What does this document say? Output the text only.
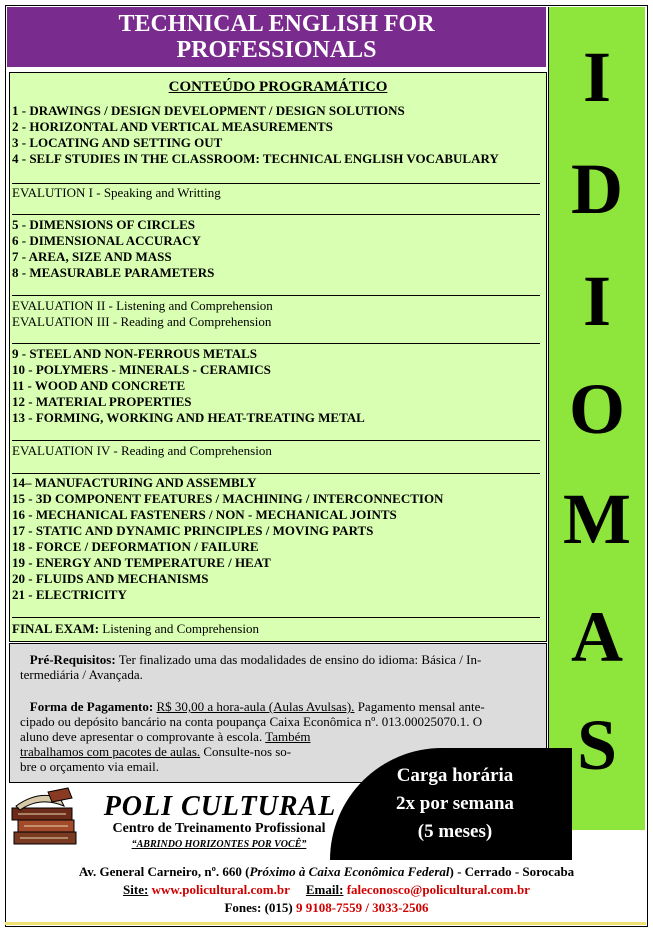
TECHNICAL ENGLISH FOR
PROFESSIONALS	I
D
I
O
M
A
S
CONTEÚDO PROGRAMÁTICO
1 - DRAWINGS / DESIGN DEVELOPMENT / DESIGN SOLUTIONS
2 - HORIZONTAL AND VERTICAL MEASUREMENTS
3 - LOCATING AND SETTING OUT
4 - SELF STUDIES IN THE CLASSROOM: TECHNICAL ENGLISH VOCABULARY
EVALUTION I - Speaking and Writting
5 - DIMENSIONS OF CIRCLES
6 - DIMENSIONAL ACCURACY
7 - AREA, SIZE AND MASS
8 - MEASURABLE PARAMETERS
EVALUATION II - Listening and Comprehension
EVALUATION III - Reading and Comprehension
9 - STEEL AND NON-FERROUS METALS
10 - POLYMERS - MINERALS - CERAMICS
11 - WOOD AND CONCRETE
12 - MATERIAL PROPERTIES
13 - FORMING, WORKING AND HEAT-TREATING METAL
EVALUATION IV - Reading and Comprehension
14– MANUFACTURING AND ASSEMBLY
15 - 3D COMPONENT FEATURES / MACHINING / INTERCONNECTION
16 - MECHANICAL FASTENERS / NON - MECHANICAL JOINTS
17 - STATIC AND DYNAMIC PRINCIPLES / MOVING PARTS
18 - FORCE / DEFORMATION / FAILURE
19 - ENERGY AND TEMPERATURE / HEAT
20 - FLUIDS AND MECHANISMS
21 - ELECTRICITY
FINAL EXAM: Listening and Comprehension
Pré-Requisitos: Ter finalizado uma das modalidades de ensino do idioma: Básica / In-
termediária / Avançada.
Forma de Pagamento: R$ 30,00 a hora-aula (Aulas Avulsas). Pagamento mensal ante-
cipado ou depósito bancário na conta poupança Caixa Econômica nº. 013.00025070.1. O
aluno deve apresentar o comprovante à escola. Também
trabalhamos com pacotes de aulas. Consulte-nos so-
bre o orçamento via email.	Carga horária
2x por semana
(5 meses)
POLI CULTURAL
Centro de Treinamento Profissional
“ABRINDO HORIZONTES POR VOCÊ”
Av. General Carneiro, nº. 660 (Próximo à Caixa Econômica Federal) - Cerrado - Sorocaba
Site: www.policultural.com.br Email: faleconosco@policultural.com.br
Fones: (015) 9 9108-7559 / 3033-2506
